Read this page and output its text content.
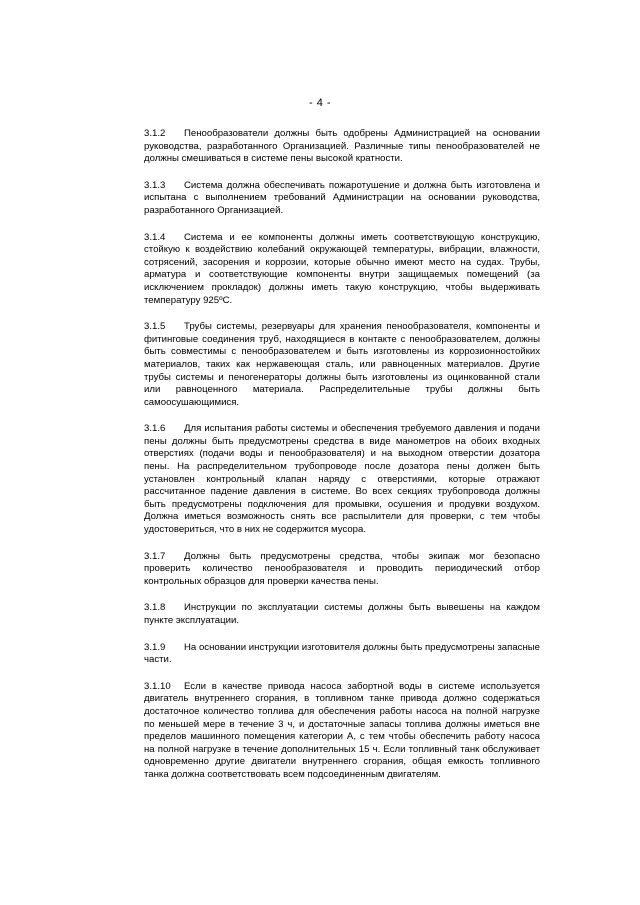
- 4 -

3.1.2 Пенообразователи должны быть одобрены Администрацией на основании руководства, разработанного Организацией. Различные типы пенообразователей не должны смешиваться в системе пены высокой кратности.

3.1.3 Система должна обеспечивать пожаротушение и должна быть изготовлена и испытана с выполнением требований Администрации на основании руководства, разработанного Организацией.

3.1.4 Система и ее компоненты должны иметь соответствующую конструкцию, стойкую к воздействию колебаний окружающей температуры, вибрации, влажности, сотрясений, засорения и коррозии, которые обычно имеют место на судах. Трубы, арматура и соответствующие компоненты внутри защищаемых помещений (за исключением прокладок) должны иметь такую конструкцию, чтобы выдерживать температуру 925ºC.

3.1.5 Трубы системы, резервуары для хранения пенообразователя, компоненты и фитинговые соединения труб, находящиеся в контакте с пенообразователем, должны быть совместимы с пенообразователем и быть изготовлены из коррозионностойких материалов, таких как нержавеющая сталь, или равноценных материалов. Другие трубы системы и пеногенераторы должны быть изготовлены из оцинкованной стали или равноценного материала. Распределительные трубы должны быть самоосушающимися.

3.1.6 Для испытания работы системы и обеспечения требуемого давления и подачи пены должны быть предусмотрены средства в виде манометров на обоих входных отверстиях (подачи воды и пенообразователя) и на выходном отверстии дозатора пены. На распределительном трубопроводе после дозатора пены должен быть установлен контрольный клапан наряду с отверстиями, которые отражают рассчитанное падение давления в системе. Во всех секциях трубопровода должны быть предусмотрены подключения для промывки, осушения и продувки воздухом. Должна иметься возможность снять все распылители для проверки, с тем чтобы удостовериться, что в них не содержится мусора.

3.1.7 Должны быть предусмотрены средства, чтобы экипаж мог безопасно проверить количество пенообразователя и проводить периодический отбор контрольных образцов для проверки качества пены.

3.1.8 Инструкции по эксплуатации системы должны быть вывешены на каждом пункте эксплуатации.

3.1.9 На основании инструкции изготовителя должны быть предусмотрены запасные части.

3.1.10 Если в качестве привода насоса забортной воды в системе используется двигатель внутреннего сгорания, в топливном танке привода должно содержаться достаточное количество топлива для обеспечения работы насоса на полной нагрузке по меньшей мере в течение 3 ч, и достаточные запасы топлива должны иметься вне пределов машинного помещения категории А, с тем чтобы обеспечить работу насоса на полной нагрузке в течение дополнительных 15 ч. Если топливный танк обслуживает одновременно другие двигатели внутреннего сгорания, общая емкость топливного танка должна соответствовать всем подсоединенным двигателям.
